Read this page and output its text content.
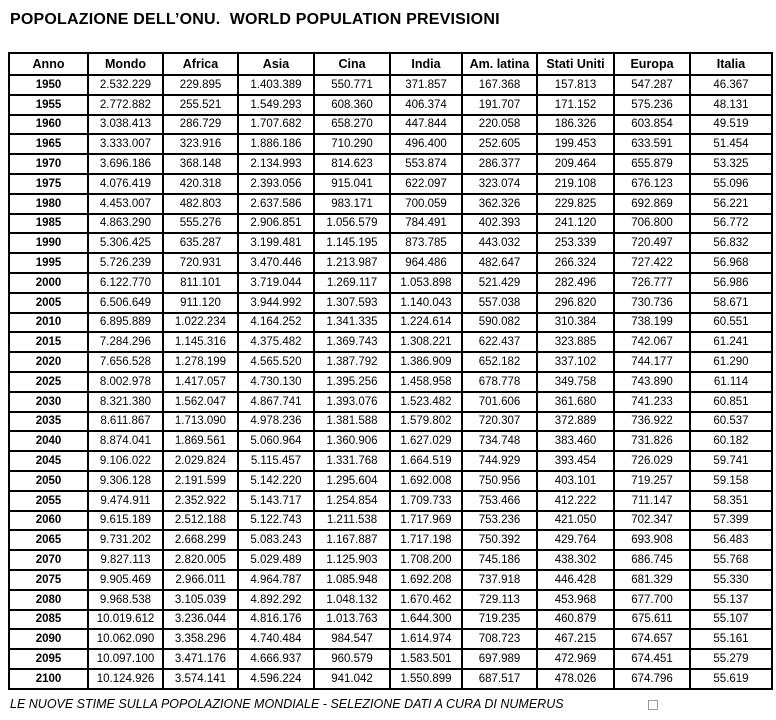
POPOLAZIONE DELL’ONU.  WORLD POPULATION PREVISIONI
Anno	Mondo	Africa	Asia	Cina	India	Am. latina	Stati Uniti	Europa	Italia
1950	2.532.229	229.895	1.403.389	550.771	371.857	167.368	157.813	547.287	46.367
1955	2.772.882	255.521	1.549.293	608.360	406.374	191.707	171.152	575.236	48.131
1960	3.038.413	286.729	1.707.682	658.270	447.844	220.058	186.326	603.854	49.519
1965	3.333.007	323.916	1.886.186	710.290	496.400	252.605	199.453	633.591	51.454
1970	3.696.186	368.148	2.134.993	814.623	553.874	286.377	209.464	655.879	53.325
1975	4.076.419	420.318	2.393.056	915.041	622.097	323.074	219.108	676.123	55.096
1980	4.453.007	482.803	2.637.586	983.171	700.059	362.326	229.825	692.869	56.221
1985	4.863.290	555.276	2.906.851	1.056.579	784.491	402.393	241.120	706.800	56.772
1990	5.306.425	635.287	3.199.481	1.145.195	873.785	443.032	253.339	720.497	56.832
1995	5.726.239	720.931	3.470.446	1.213.987	964.486	482.647	266.324	727.422	56.968
2000	6.122.770	811.101	3.719.044	1.269.117	1.053.898	521.429	282.496	726.777	56.986
2005	6.506.649	911.120	3.944.992	1.307.593	1.140.043	557.038	296.820	730.736	58.671
2010	6.895.889	1.022.234	4.164.252	1.341.335	1.224.614	590.082	310.384	738.199	60.551
2015	7.284.296	1.145.316	4.375.482	1.369.743	1.308.221	622.437	323.885	742.067	61.241
2020	7.656.528	1.278.199	4.565.520	1.387.792	1.386.909	652.182	337.102	744.177	61.290
2025	8.002.978	1.417.057	4.730.130	1.395.256	1.458.958	678.778	349.758	743.890	61.114
2030	8.321.380	1.562.047	4.867.741	1.393.076	1.523.482	701.606	361.680	741.233	60.851
2035	8.611.867	1.713.090	4.978.236	1.381.588	1.579.802	720.307	372.889	736.922	60.537
2040	8.874.041	1.869.561	5.060.964	1.360.906	1.627.029	734.748	383.460	731.826	60.182
2045	9.106.022	2.029.824	5.115.457	1.331.768	1.664.519	744.929	393.454	726.029	59.741
2050	9.306.128	2.191.599	5.142.220	1.295.604	1.692.008	750.956	403.101	719.257	59.158
2055	9.474.911	2.352.922	5.143.717	1.254.854	1.709.733	753.466	412.222	711.147	58.351
2060	9.615.189	2.512.188	5.122.743	1.211.538	1.717.969	753.236	421.050	702.347	57.399
2065	9.731.202	2.668.299	5.083.243	1.167.887	1.717.198	750.392	429.764	693.908	56.483
2070	9.827.113	2.820.005	5.029.489	1.125.903	1.708.200	745.186	438.302	686.745	55.768
2075	9.905.469	2.966.011	4.964.787	1.085.948	1.692.208	737.918	446.428	681.329	55.330
2080	9.968.538	3.105.039	4.892.292	1.048.132	1.670.462	729.113	453.968	677.700	55.137
2085	10.019.612	3.236.044	4.816.176	1.013.763	1.644.300	719.235	460.879	675.611	55.107
2090	10.062.090	3.358.296	4.740.484	984.547	1.614.974	708.723	467.215	674.657	55.161
2095	10.097.100	3.471.176	4.666.937	960.579	1.583.501	697.989	472.969	674.451	55.279
2100	10.124.926	3.574.141	4.596.224	941.042	1.550.899	687.517	478.026	674.796	55.619
LE NUOVE STIME SULLA POPOLAZIONE MONDIALE - SELEZIONE DATI A CURA DI NUMERUS
